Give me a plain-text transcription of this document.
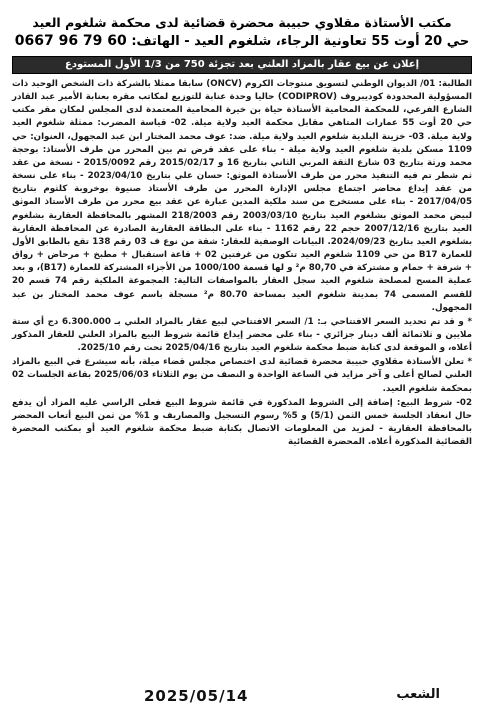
مكتب الأستاذة مقلاوي حبيبة محضرة قضائية لدى محكمة شلغوم العيد
حي 20 أوت 55 تعاونية الرجاء، شلغوم العيد - الهاتف: 0667 96 79 60
إعلان عن بيع عقار بالمزاد العلني بعد تجزئة 750 من 1/3 الأول المستودع

الطالبة: 01/ الديوان الوطني لتسويق منتوجات الكروم (ONCV) سابقا ممثلا بالشركة ذات الشخص الوحيد ذات المسؤولية المحدودة كوديبروف (CODIPROV) حاليا وحدة عنابة للتوزيع لمكاتب مقره بعنابة الأمير عبد القادر الشارع الفرعي، للمحكمة المحامية الأستاذة حياة بن خيرة المحامية المعتمدة لدى المجلس لمكان مقر مكتب حي 20 أوت 55 عمارات المتاهي مقابل محكمة العيد ولاية ميلة. 02- قياسة المضرب: ممثلة شلغوم العيد ولاية ميلة. 03- خزينة البلدية شلغوم العيد ولاية ميلة. ضد: عوف محمد المختار ابن عبد المجهول، العنوان: حي 1109 مسكن بلدية شلغوم العيد ولاية ميلة - بناء على عقد قرض تم بين المحرر من طرف الأستاذ: بوحجة محمد ورثة بتاريخ 03 شارع الثقة المربي الثاني بتاريخ 16 و 2015/02/17 رقم 2015/0092 - نسخة من عقد ثم شطر تم فيه التنفيذ محرر من طرف الأستاذة الموثق: حسان علي بتاريخ 2023/04/10 - بناء على نسخة من عقد إيداع محاضر اجتماع مجلس الإدارة المحرر من طرف الأستاذ صنيوة بوخروبة كلثوم بتاريخ 2017/04/05 - بناء على مستخرج من سند ملكية المدين عبارة عن عقد بيع محرر من طرف الأستاذ الموثق لبيض محمد الموثق بشلغوم العيد بتاريخ 2003/03/10 رقم 218/2003 المشهر بالمحافظة العقارية بشلغوم العيد بتاريخ 2007/12/16 حجم 22 رقم 1162 - بناء على البطاقة العقارية الصادرة عن المحافظة العقارية بشلغوم العيد بتاريخ 2024/09/23. البيانات الوصفية للعقار: شقة من نوع ف 03 رقم 138 تقع بالطابق الأول للعمارة B17 من حي 1109 شلغوم العيد تتكون من غرفتين 02 + قاعة استقبال + مطبخ + مرحاض + رواق + شرفة + حمام و مشتركة في 80,70 م² و لها قسمة 1000/100 من الأجزاء المشتركة للعمارة (B17)، و بعد عملية المسح لمصلحة شلغوم العيد سجل العقار بالمواصفات التالية: المجموعة الملكية رقم 74 قسم 20 للقسم المسمى 74 بمدينة شلغوم العيد بمساحة 80.70 م² مسجلة باسم عوف محمد المختار بن عبد المجهول.

* و قد تم تحديد السعر الافتتاحي بـ: 1/ السعر الافتتاحي لبيع عقار بالمزاد العلني بـ 6.300.000 دج أي ستة ملايين و ثلاثمائة ألف دينار جزائري - بناء على محضر إيداع قائمة شروط البيع بالمزاد العلني للعقار المذكور أعلاه، و الموقعة لدى كتابة ضبط محكمة شلغوم العيد بتاريخ 2025/04/16 تحت رقم 2025/10.

* تعلن الأستاذة مقلاوي حبيبة محضرة قضائية لدى اختصاص مجلس قضاء ميلة، بأنه سيشرع في البيع بالمزاد العلني لصالح أعلى و آخر مزايد في الساعة الواحدة و النصف من يوم الثلاثاء 2025/06/03 بقاعة الجلسات 02 بمحكمة شلغوم العيد.

02- شروط البيع: إضافة إلى الشروط المذكورة في قائمة شروط البيع فعلى الراسي عليه المزاد أن يدفع حال انعقاد الجلسة خمس الثمن (5/1) و 5% رسوم التسجيل والمصاريف و 1% من ثمن البيع أتعاب المحضر بالمحافظة العقارية - لمزيد من المعلومات الاتصال بكتابة ضبط محكمة شلغوم العيد أو بمكتب المحضرة القضائية المذكورة أعلاه. المحضرة القضائية

2025/05/14	الشعب
